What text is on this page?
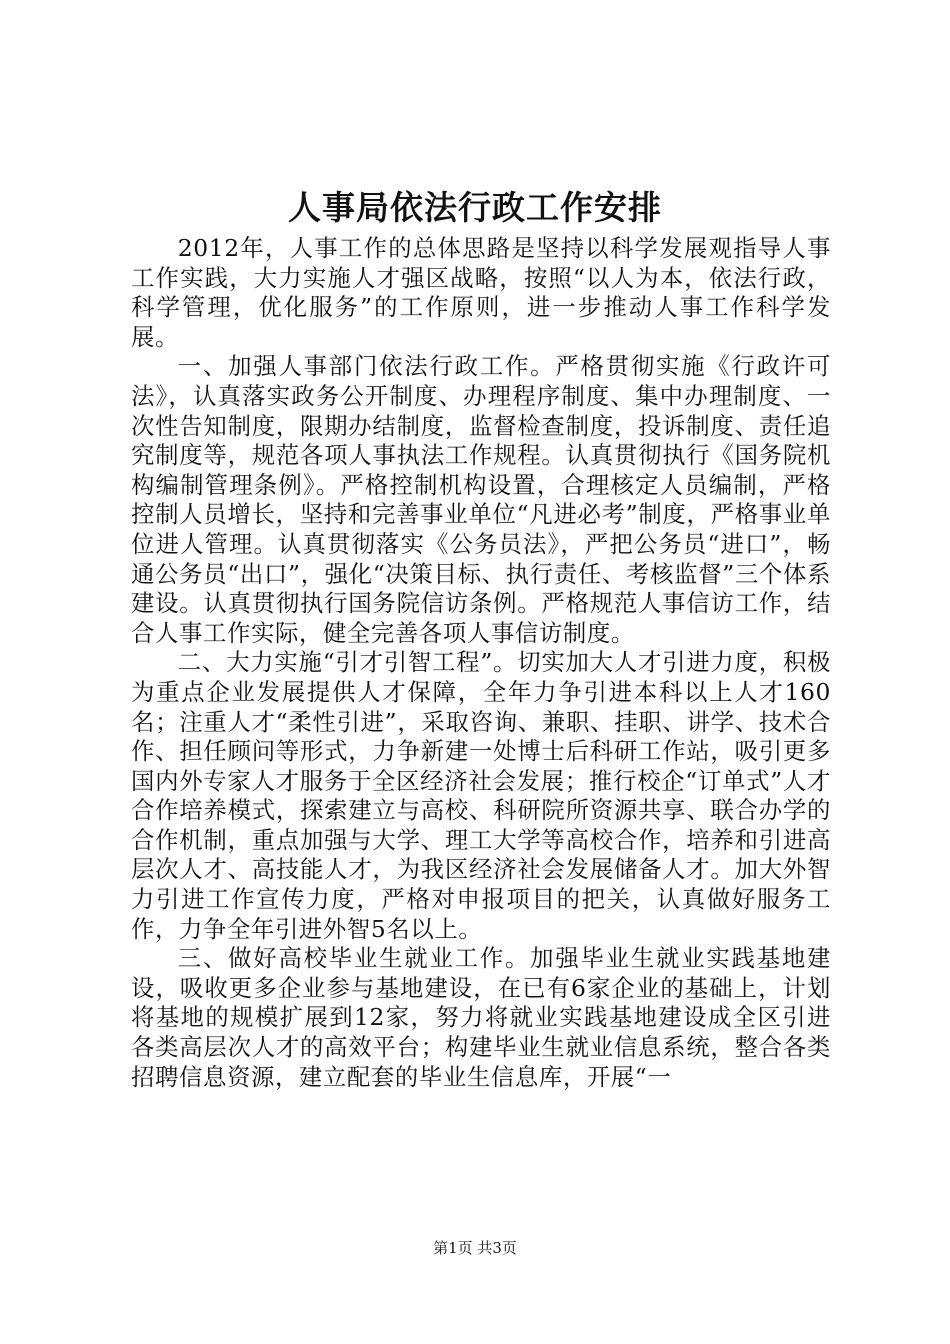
人事局依法行政工作安排

2012年，人事工作的总体思路是坚持以科学发展观指导人事工作实践，大力实施人才强区战略，按照“以人为本，依法行政，科学管理，优化服务”的工作原则，进一步推动人事工作科学发展。

一、加强人事部门依法行政工作。严格贯彻实施《行政许可法》，认真落实政务公开制度、办理程序制度、集中办理制度、一次性告知制度，限期办结制度，监督检查制度，投诉制度、责任追究制度等，规范各项人事执法工作规程。认真贯彻执行《国务院机构编制管理条例》。严格控制机构设置，合理核定人员编制，严格控制人员增长，坚持和完善事业单位“凡进必考”制度，严格事业单位进人管理。认真贯彻落实《公务员法》，严把公务员“进口”，畅通公务员“出口”，强化“决策目标、执行责任、考核监督”三个体系建设。认真贯彻执行国务院信访条例。严格规范人事信访工作，结合人事工作实际，健全完善各项人事信访制度。

二、大力实施“引才引智工程”。切实加大人才引进力度，积极为重点企业发展提供人才保障，全年力争引进本科以上人才160名；注重人才“柔性引进”，采取咨询、兼职、挂职、讲学、技术合作、担任顾问等形式，力争新建一处博士后科研工作站，吸引更多国内外专家人才服务于全区经济社会发展；推行校企“订单式”人才合作培养模式，探索建立与高校、科研院所资源共享、联合办学的合作机制，重点加强与大学、理工大学等高校合作，培养和引进高层次人才、高技能人才，为我区经济社会发展储备人才。加大外智力引进工作宣传力度，严格对申报项目的把关，认真做好服务工作，力争全年引进外智5名以上。

三、做好高校毕业生就业工作。加强毕业生就业实践基地建设，吸收更多企业参与基地建设，在已有6家企业的基础上，计划将基地的规模扩展到12家，努力将就业实践基地建设成全区引进各类高层次人才的高效平台；构建毕业生就业信息系统，整合各类招聘信息资源，建立配套的毕业生信息库，开展“一

第1页 共3页
